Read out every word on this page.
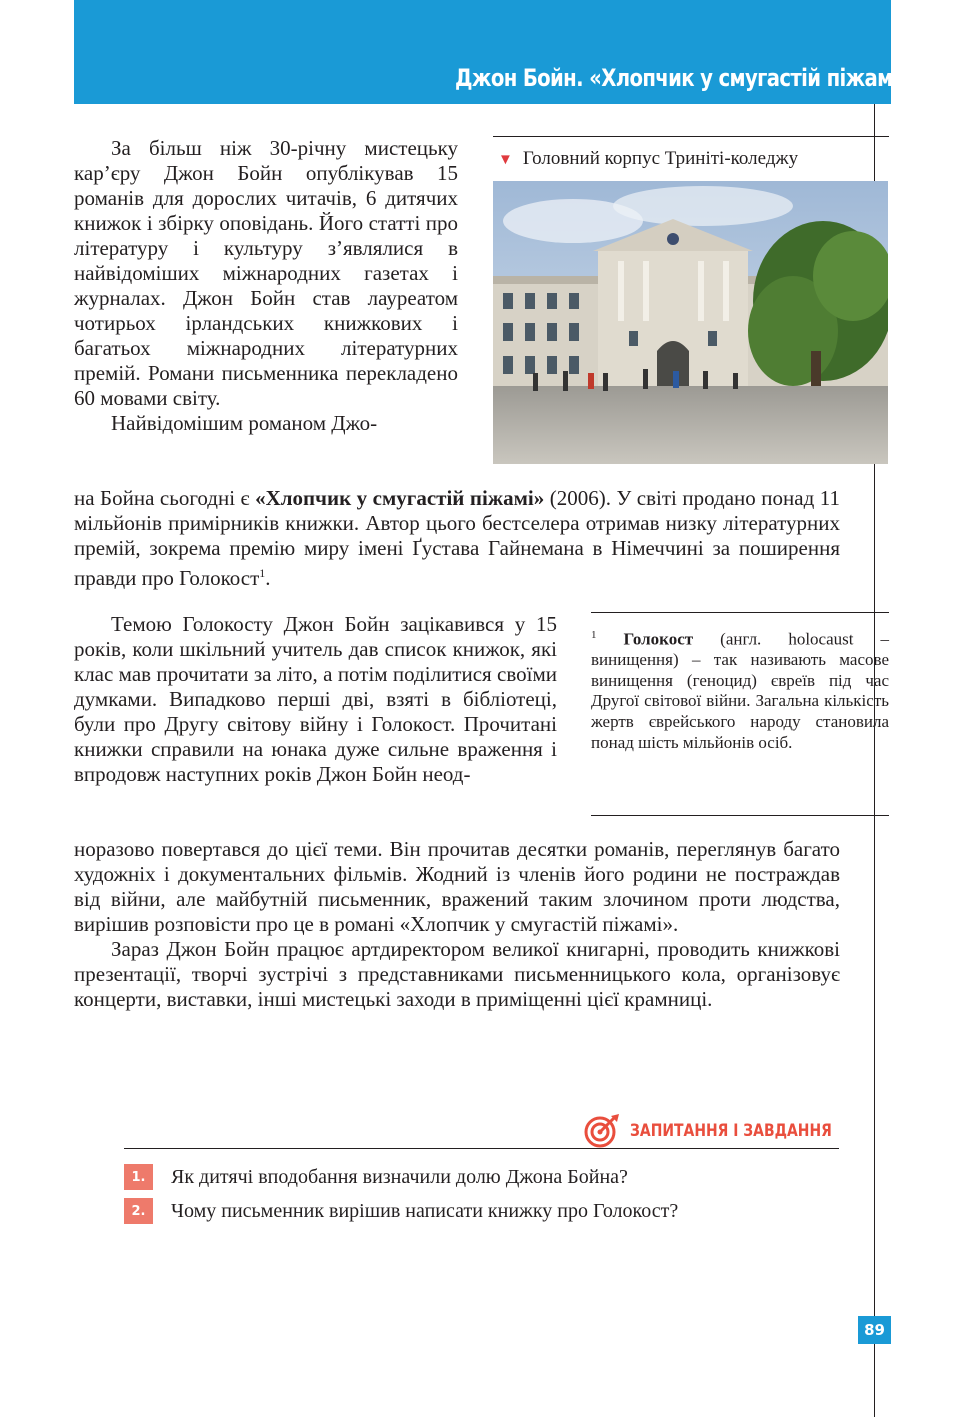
Джон Бойн. «Хлопчик у смугастій піжамі»
▼ Головний корпус Триніті-коледжу

За більш ніж 30-річну мистецьку кар’єру Джон Бойн опублікував 15 романів для дорослих читачів, 6 дитячих книжок і збірку оповідань. Його статті про літературу і культуру з’являлися в найвідоміших міжнародних газетах і журналах. Джон Бойн став лауреатом чотирьох ірландських книжкових і багатьох міжнародних літературних премій. Романи письменника перекладено 60 мовами світу.

Найвідомішим романом Джо-

на Бойна сьогодні є «Хлопчик у смугастій піжамі» (2006). У світі продано понад 11 мільйонів примірників книжки. Автор цього бестселера отримав низку літературних премій, зокрема премію миру імені Ґустава Гайнемана в Німеччині за поширення правди про Голокост$^1$.

Темою Голокосту Джон Бойн зацікавився у 15 років, коли шкільний учитель дав список книжок, які клас мав прочитати за літо, а потім поділитися своїми думками. Випадково перші дві, взяті в бібліотеці, були про Другу світову війну і Голокост. Прочитані книжки справили на юнака дуже сильне враження і впродовж наступних років Джон Бойн неод-

норазово повертався до цієї теми. Він прочитав десятки романів, переглянув багато художніх і документальних фільмів. Жодний із членів його родини не постраждав від війни, але майбутній письменник, вражений таким злочином проти людства, вирішив розповісти про це в романі «Хлопчик у смугастій піжамі».

Зараз Джон Бойн працює артдиректором великої книгарні, проводить книжкові презентації, творчі зустрічі з представниками письменницького кола, організовує концерти, виставки, інші мистецькі заходи в приміщенні цієї крамниці.

$^1$ Голокост (англ. holocaust – винищення) – так називають масове винищення (геноцид) євреїв під час Другої світової війни. Загальна кількість жертв єврейського народу становила понад шість мільйонів осіб.
ЗАПИТАННЯ І ЗАВДАННЯ
1.	Як дитячі вподобання визначили долю Джона Бойна?
2.	Чому письменник вирішив написати книжку про Голокост?
89
